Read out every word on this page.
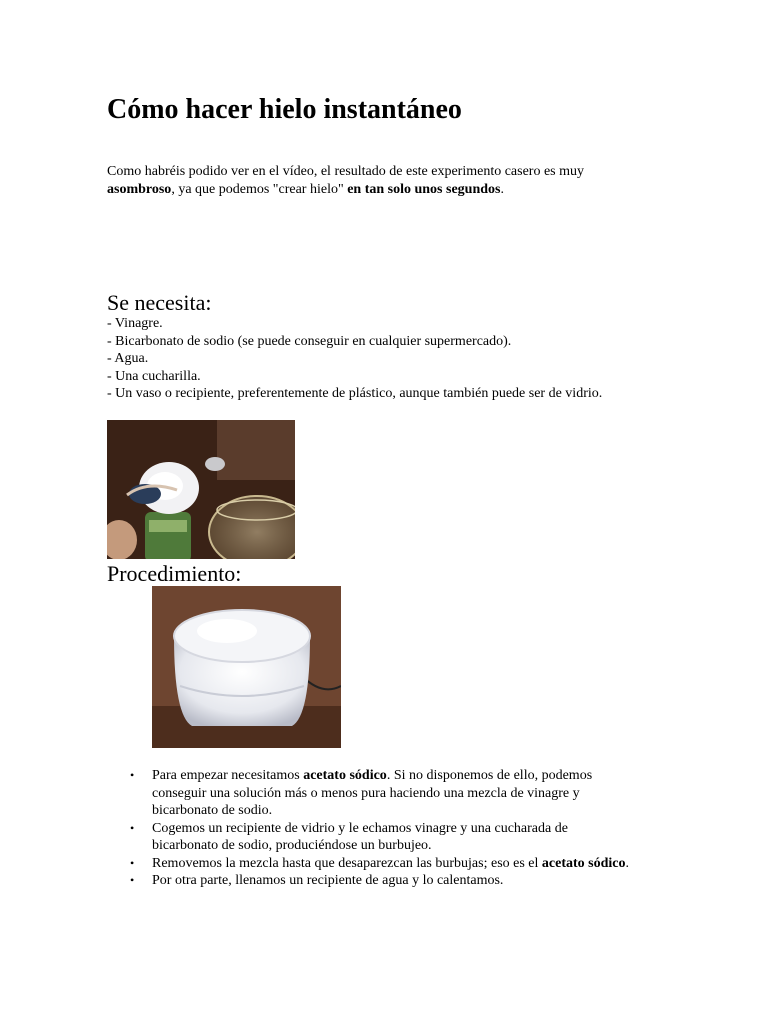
Cómo hacer hielo instantáneo

Como habréis podido ver en el vídeo, el resultado de este experimento casero es muy asombroso, ya que podemos "crear hielo" en tan solo unos segundos.

Se necesita:
- Vinagre.
- Bicarbonato de sodio (se puede conseguir en cualquier supermercado).
- Agua.
- Una cucharilla.
- Un vaso o recipiente, preferentemente de plástico, aunque también puede ser de vidrio.
Procedimiento:
• Para empezar necesitamos acetato sódico. Si no disponemos de ello, podemos conseguir una solución más o menos pura haciendo una mezcla de vinagre y bicarbonato de sodio.
• Cogemos un recipiente de vidrio y le echamos vinagre y una cucharada de bicarbonato de sodio, produciéndose un burbujeo.
• Removemos la mezcla hasta que desaparezcan las burbujas; eso es el acetato sódico.
• Por otra parte, llenamos un recipiente de agua y lo calentamos.
